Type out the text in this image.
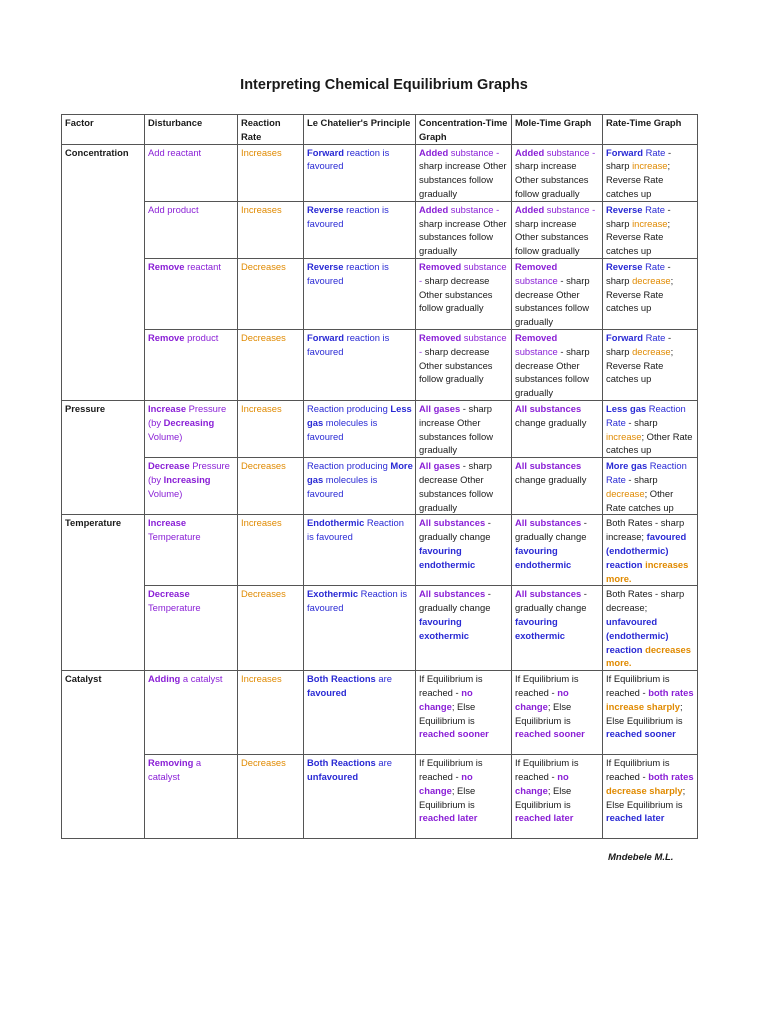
Interpreting Chemical Equilibrium Graphs
Factor	Disturbance	Reaction Rate	Le Chatelier's Principle	Concentration-Time Graph	Mole-Time Graph	Rate-Time Graph
Concentration	Add reactant	Increases	Forward reaction is favoured	Added substance - sharp increase Other substances follow gradually	Added substance - sharp increase Other substances follow gradually	Forward Rate - sharp increase; Reverse Rate catches up
	Add product	Increases	Reverse reaction is favoured	Added substance - sharp increase Other substances follow gradually	Added substance - sharp increase Other substances follow gradually	Reverse Rate - sharp increase; Reverse Rate catches up
	Remove reactant	Decreases	Reverse reaction is favoured	Removed substance - sharp decrease Other substances follow gradually	Removed substance - sharp decrease Other substances follow gradually	Reverse Rate - sharp decrease; Reverse Rate catches up
	Remove product	Decreases	Forward reaction is favoured	Removed substance - sharp decrease Other substances follow gradually	Removed substance - sharp decrease Other substances follow gradually	Forward Rate - sharp decrease; Reverse Rate catches up
Pressure	Increase Pressure (by Decreasing Volume)	Increases	Reaction producing Less gas molecules is favoured	All gases - sharp increase Other substances follow gradually	All substances change gradually	Less gas Reaction Rate - sharp increase; Other Rate catches up
	Decrease Pressure (by Increasing Volume)	Decreases	Reaction producing More gas molecules is favoured	All gases - sharp decrease Other substances follow gradually	All substances change gradually	More gas Reaction Rate - sharp decrease; Other Rate catches up
Temperature	Increase Temperature	Increases	Endothermic Reaction is favoured	All substances - gradually change favouring endothermic	All substances - gradually change favouring endothermic	Both Rates - sharp increase; favoured (endothermic) reaction increases more.
	Decrease Temperature	Decreases	Exothermic Reaction is favoured	All substances - gradually change favouring exothermic	All substances - gradually change favouring exothermic	Both Rates - sharp decrease; unfavoured (endothermic) reaction decreases more.
Catalyst	Adding a catalyst	Increases	Both Reactions are favoured	If Equilibrium is reached - no change; Else Equilibrium is reached sooner	If Equilibrium is reached - no change; Else Equilibrium is reached sooner	If Equilibrium is reached - both rates increase sharply; Else Equilibrium is reached sooner
	Removing a catalyst	Decreases	Both Reactions are unfavoured	If Equilibrium is reached - no change; Else Equilibrium is reached later	If Equilibrium is reached - no change; Else Equilibrium is reached later	If Equilibrium is reached - both rates decrease sharply; Else Equilibrium is reached later
Mndebele M.L.
